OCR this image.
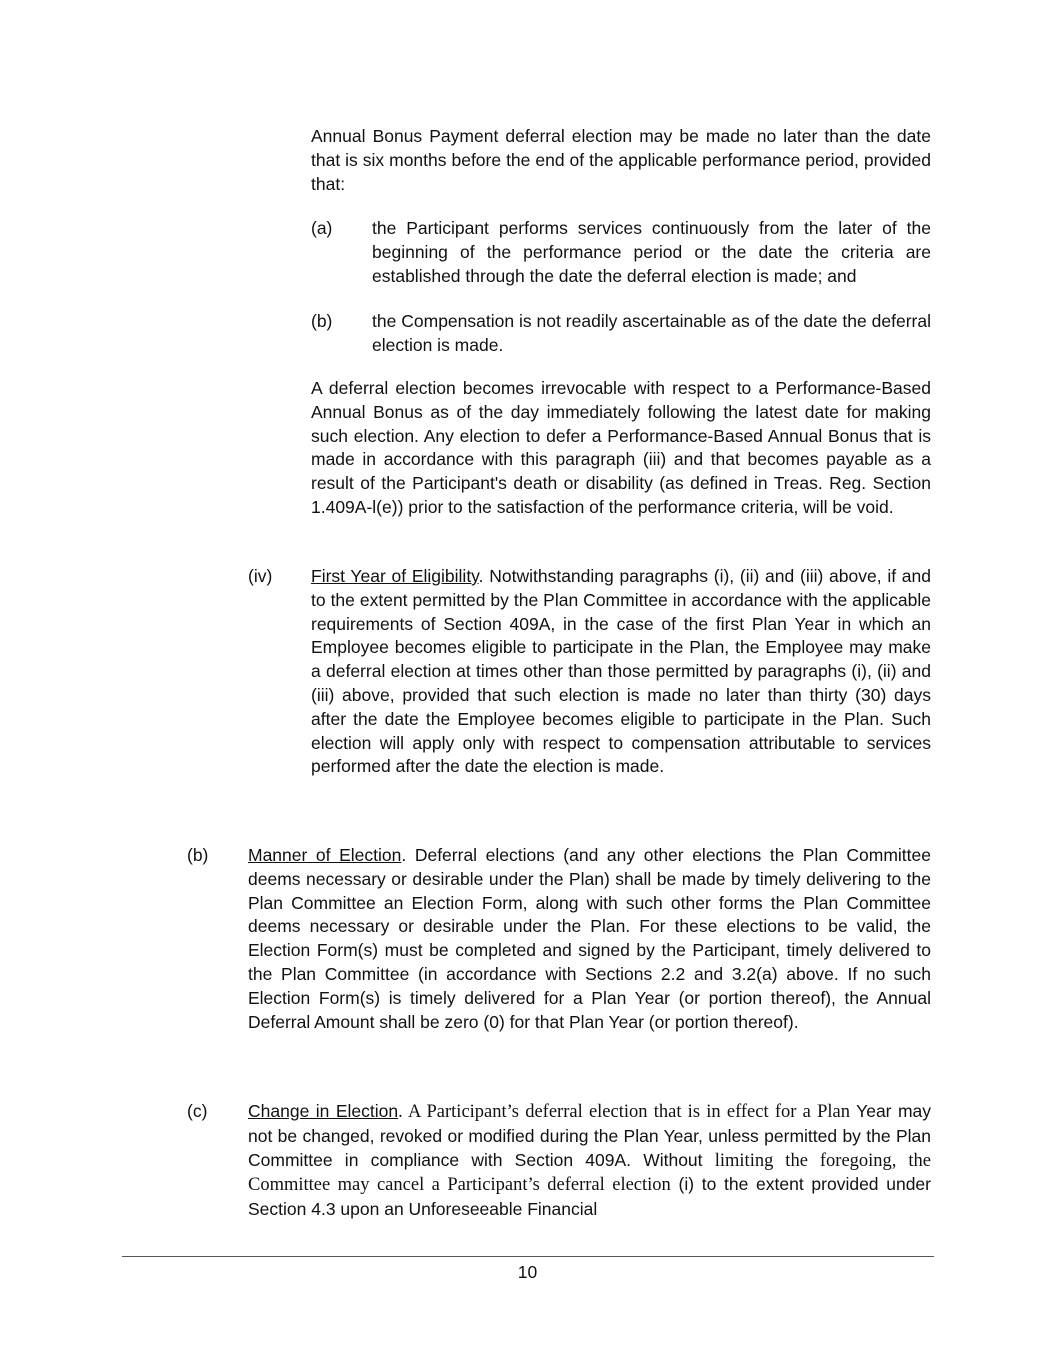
Annual Bonus Payment deferral election may be made no later than the date that is six months before the end of the applicable performance period, provided that:

(a) the Participant performs services continuously from the later of the beginning of the performance period or the date the criteria are established through the date the deferral election is made; and

(b) the Compensation is not readily ascertainable as of the date the deferral election is made.

A deferral election becomes irrevocable with respect to a Performance-Based Annual Bonus as of the day immediately following the latest date for making such election. Any election to defer a Performance-Based Annual Bonus that is made in accordance with this paragraph (iii) and that becomes payable as a result of the Participant's death or disability (as defined in Treas. Reg. Section 1.409A-l(e)) prior to the satisfaction of the performance criteria, will be void.

(iv) First Year of Eligibility. Notwithstanding paragraphs (i), (ii) and (iii) above, if and to the extent permitted by the Plan Committee in accordance with the applicable requirements of Section 409A, in the case of the first Plan Year in which an Employee becomes eligible to participate in the Plan, the Employee may make a deferral election at times other than those permitted by paragraphs (i), (ii) and (iii) above, provided that such election is made no later than thirty (30) days after the date the Employee becomes eligible to participate in the Plan. Such election will apply only with respect to compensation attributable to services performed after the date the election is made.

(b) Manner of Election. Deferral elections (and any other elections the Plan Committee deems necessary or desirable under the Plan) shall be made by timely delivering to the Plan Committee an Election Form, along with such other forms the Plan Committee deems necessary or desirable under the Plan. For these elections to be valid, the Election Form(s) must be completed and signed by the Participant, timely delivered to the Plan Committee (in accordance with Sections 2.2 and 3.2(a) above. If no such Election Form(s) is timely delivered for a Plan Year (or portion thereof), the Annual Deferral Amount shall be zero (0) for that Plan Year (or portion thereof).

(c) Change in Election. A Participant’s deferral election that is in effect for a Plan Year may not be changed, revoked or modified during the Plan Year, unless permitted by the Plan Committee in compliance with Section 409A. Without limiting the foregoing, the Committee may cancel a Participant’s deferral election (i) to the extent provided under Section 4.3 upon an Unforeseeable Financial

10
